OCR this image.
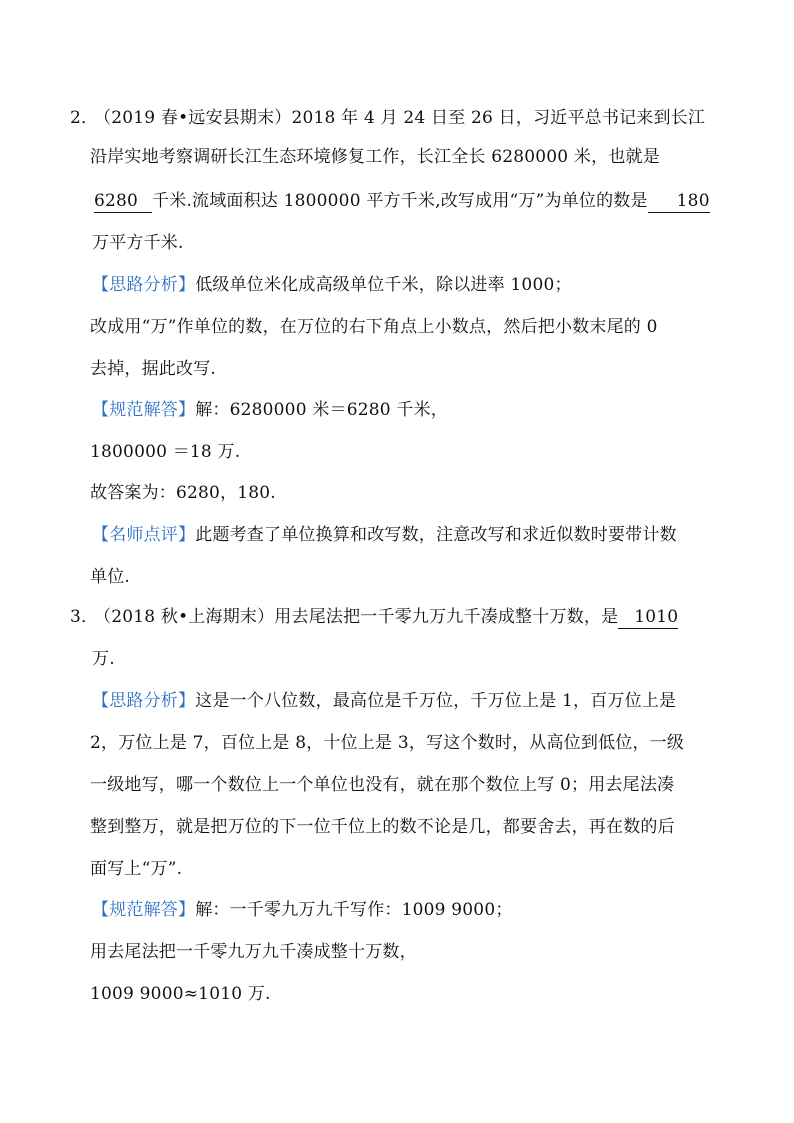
2．（2019 春•远安县期末）2018 年 4 月 24 日至 26 日，习近平总书记来到长江
沿岸实地考察调研长江生态环境修复工作，长江全长 6280000 米，也就是
6280 千米.流域面积达 1800000 平方千米,改写成用“万”为单位的数是 180
万平方千米.
【思路分析】低级单位米化成高级单位千米，除以进率 1000；
改成用“万”作单位的数，在万位的右下角点上小数点，然后把小数末尾的 0
去掉，据此改写.
【规范解答】解：6280000 米＝6280 千米，
1800000 ＝18 万.
故答案为：6280，180.
【名师点评】此题考查了单位换算和改写数，注意改写和求近似数时要带计数
单位.
3．（2018 秋•上海期末）用去尾法把一千零九万九千凑成整十万数，是 1010
万.
【思路分析】这是一个八位数，最高位是千万位，千万位上是 1，百万位上是
2，万位上是 7，百位上是 8，十位上是 3，写这个数时，从高位到低位，一级
一级地写，哪一个数位上一个单位也没有，就在那个数位上写 0；用去尾法凑
整到整万，就是把万位的下一位千位上的数不论是几，都要舍去，再在数的后
面写上“万”.
【规范解答】解：一千零九万九千写作：1009 9000；
用去尾法把一千零九万九千凑成整十万数，
1009 9000≈1010 万.
